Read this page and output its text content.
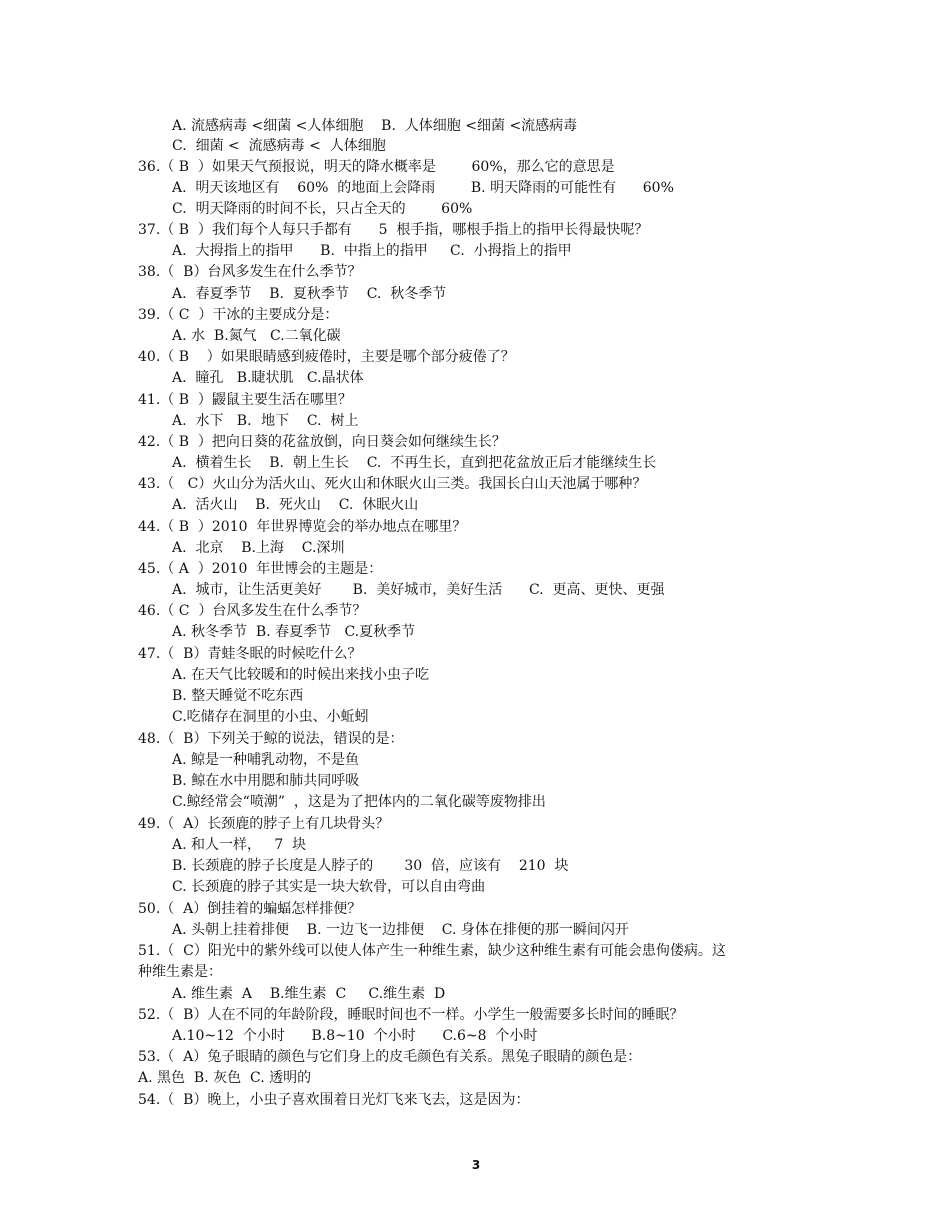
A. 流感病毒 <细菌 <人体细胞    B.  人体细胞 <细菌 <流感病毒
C.  细菌 <  流感病毒 <  人体细胞
36.（ B  ）如果天气预报说，明天的降水概率是        60%，那么它的意思是
A.  明天该地区有    60%  的地面上会降雨        B. 明天降雨的可能性有      60%
C.  明天降雨的时间不长，只占全天的        60%
37.（ B  ）我们每个人每只手都有      5  根手指，哪根手指上的指甲长得最快呢？
A.  大拇指上的指甲      B.  中指上的指甲     C.  小拇指上的指甲
38.（  B）台风多发生在什么季节？
A.  春夏季节    B.  夏秋季节    C.  秋冬季节
39.（ C  ）干冰的主要成分是：
A. 水  B.氮气   C.二氧化碳
40.（ B    ）如果眼睛感到疲倦时，主要是哪个部分疲倦了？
A.  瞳孔   B.睫状肌   C.晶状体
41.（ B  ）鼹鼠主要生活在哪里？
A.  水下   B．地下    C.  树上
42.（ B  ）把向日葵的花盆放倒，向日葵会如何继续生长？
A.  横着生长    B.  朝上生长    C.  不再生长，直到把花盆放正后才能继续生长
43.（   C）火山分为活火山、死火山和休眠火山三类。我国长白山天池属于哪种？
A.  活火山    B.  死火山    C.  休眠火山
44.（ B  ）2010  年世界博览会的举办地点在哪里？
A.  北京    B.上海    C.深圳
45.（ A  ）2010  年世博会的主题是：
A.  城市，让生活更美好       B.  美好城市，美好生活      C.  更高、更快、更强
46.（ C  ）台风多发生在什么季节？
A. 秋冬季节  B. 春夏季节   C.夏秋季节
47.（  B）青蛙冬眠的时候吃什么？
A. 在天气比较暖和的时候出来找小虫子吃
B. 整天睡觉不吃东西
C.吃储存在洞里的小虫、小蚯蚓
48.（  B）下列关于鲸的说法，错误的是：
A. 鲸是一种哺乳动物，不是鱼
B. 鲸在水中用腮和肺共同呼吸
C.鲸经常会“喷潮”  ，这是为了把体内的二氧化碳等废物排出
49.（  A）长颈鹿的脖子上有几块骨头？
A. 和人一样，   7  块
B. 长颈鹿的脖子长度是人脖子的       30  倍，应该有    210  块
C. 长颈鹿的脖子其实是一块大软骨，可以自由弯曲
50.（  A）倒挂着的蝙蝠怎样排便？
A. 头朝上挂着排便    B. 一边飞一边排便    C. 身体在排便的那一瞬间闪开
51.（  C）阳光中的紫外线可以使人体产生一种维生素，缺少这种维生素有可能会患佝偻病。这
种维生素是：
A. 维生素  A    B.维生素  C     C.维生素  D
52.（  B）人在不同的年龄阶段，睡眠时间也不一样。小学生一般需要多长时间的睡眠？
A.10~12  个小时      B.8~10  个小时      C.6~8  个小时
53.（  A）兔子眼睛的颜色与它们身上的皮毛颜色有关系。黑兔子眼睛的颜色是：
A. 黑色  B. 灰色  C. 透明的
54.（  B）晚上，小虫子喜欢围着日光灯飞来飞去，这是因为：
3
